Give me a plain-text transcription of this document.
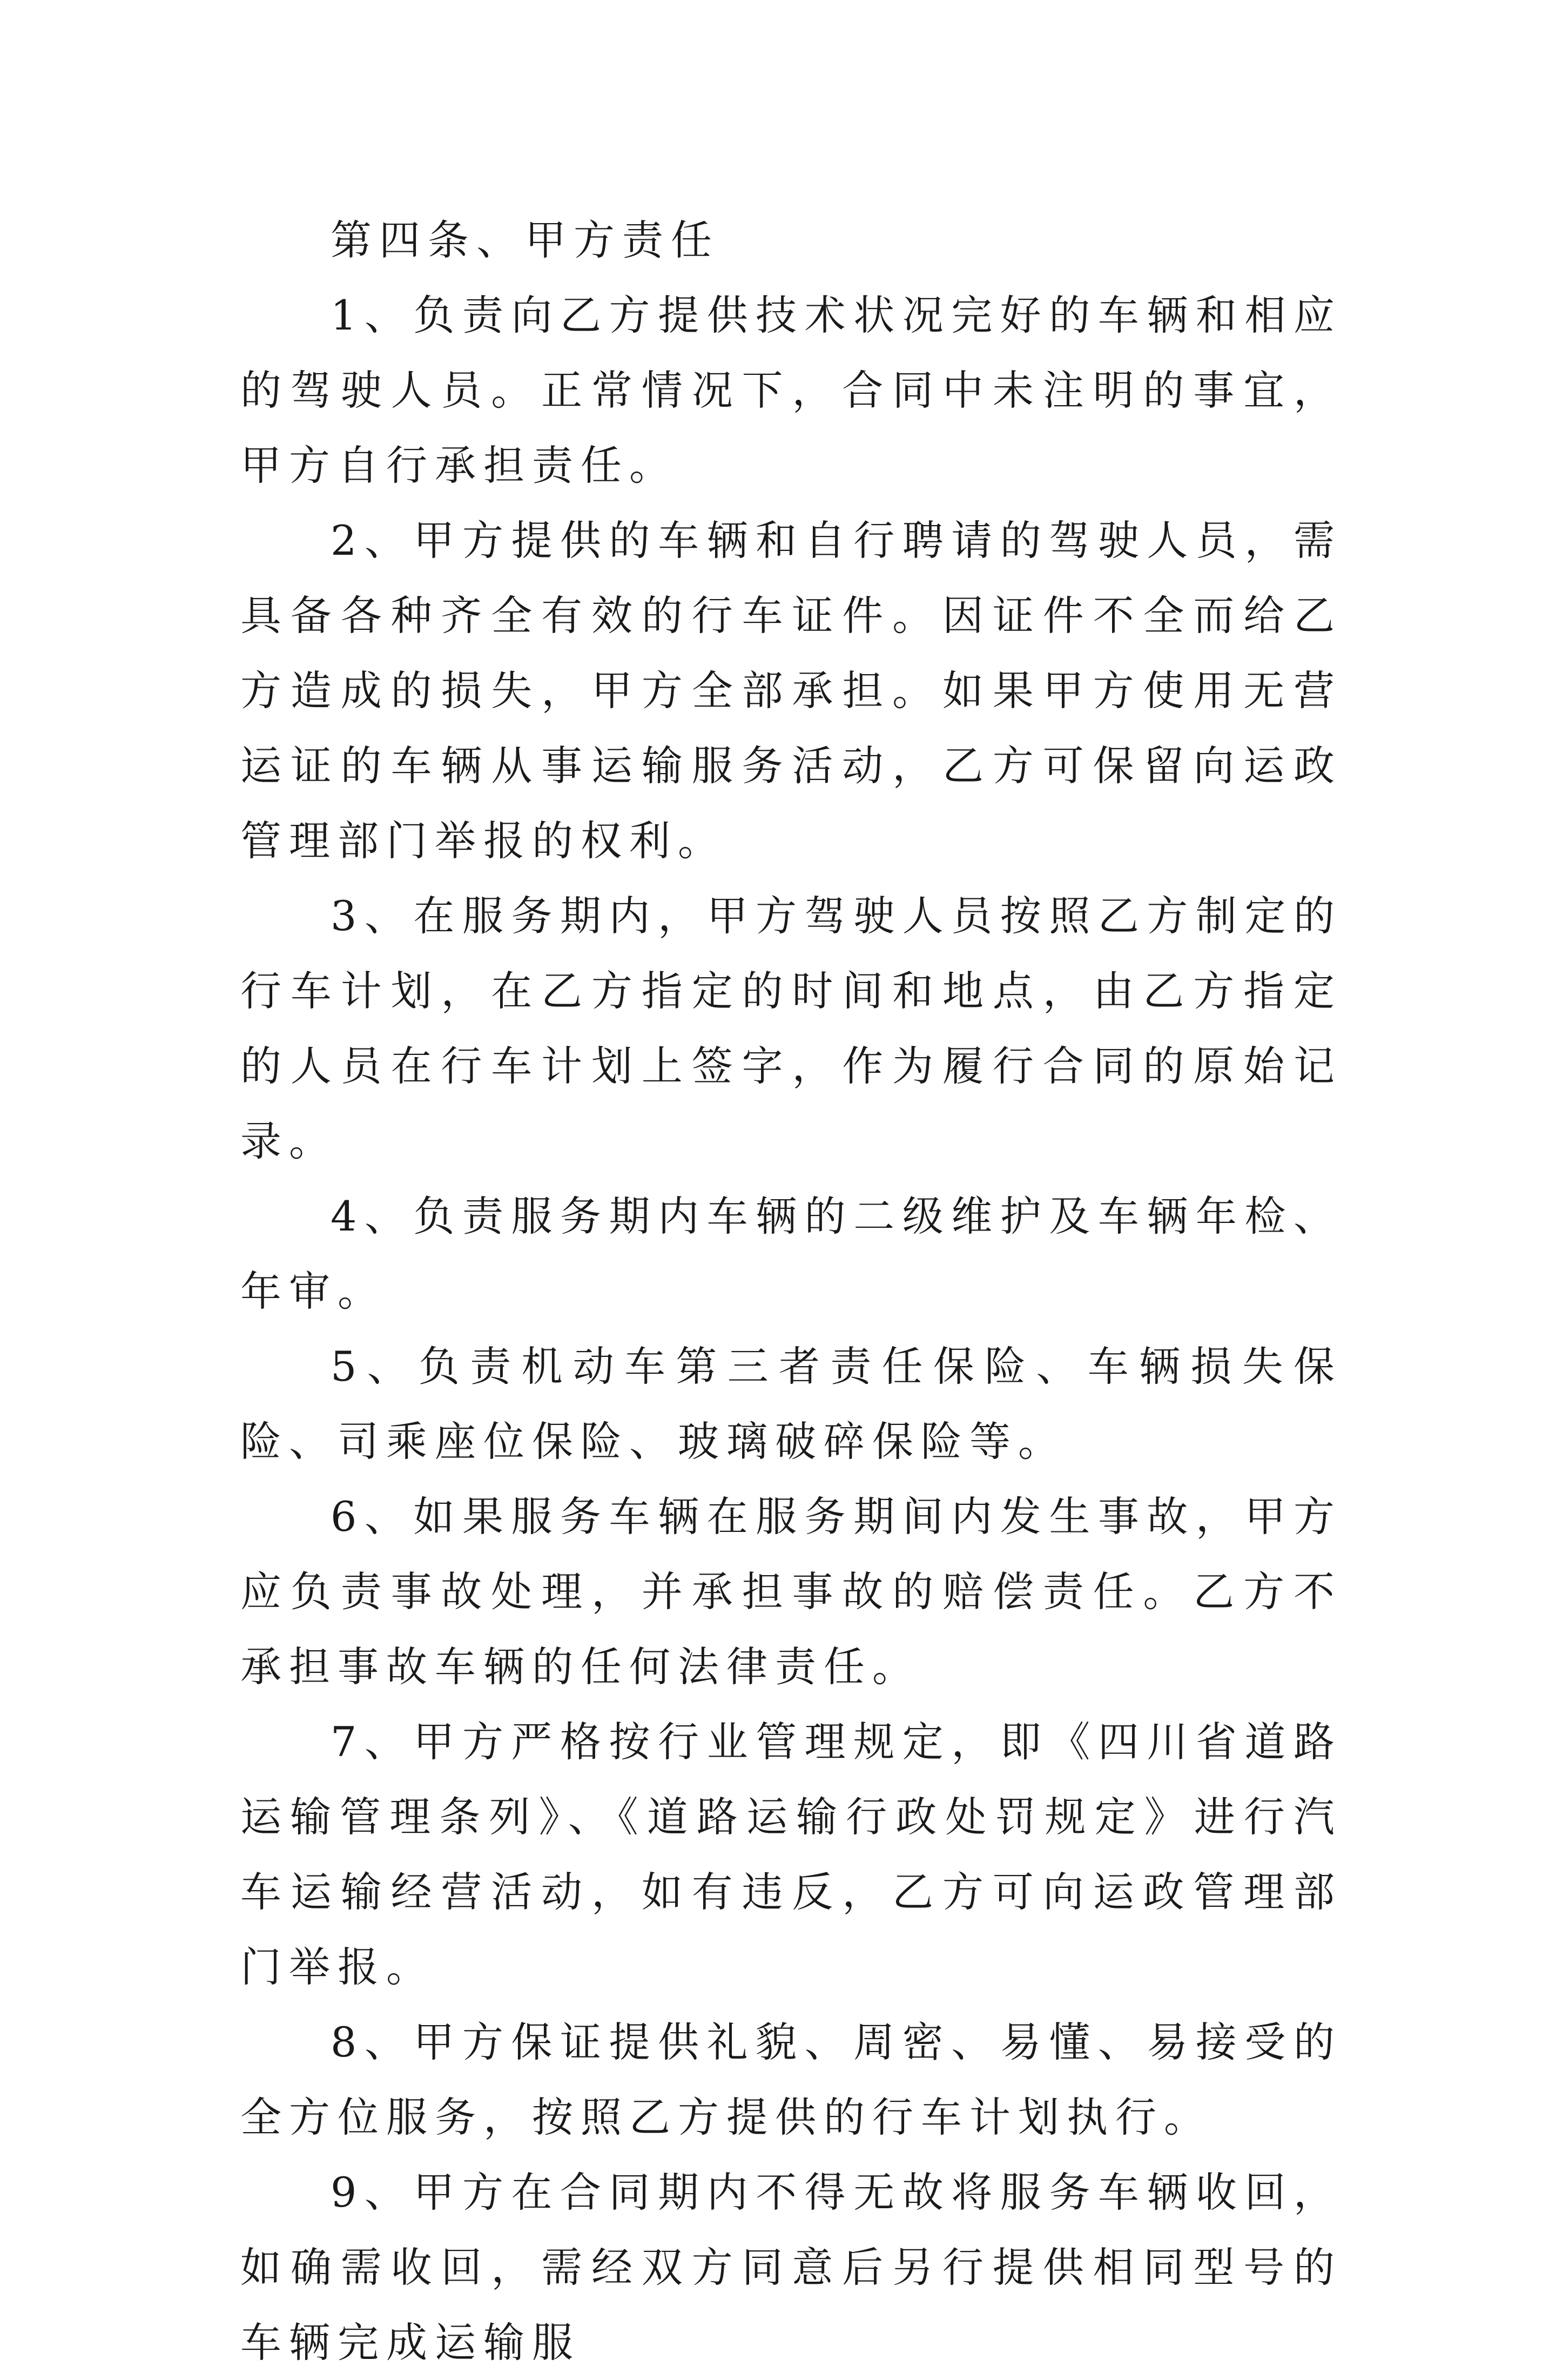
第四条、甲方责任

1、负责向乙方提供技术状况完好的车辆和相应的驾驶人员。正常情况下，合同中未注明的事宜，甲方自行承担责任。

2、甲方提供的车辆和自行聘请的驾驶人员，需具备各种齐全有效的行车证件。因证件不全而给乙方造成的损失，甲方全部承担。如果甲方使用无营运证的车辆从事运输服务活动，乙方可保留向运政管理部门举报的权利。

3、在服务期内，甲方驾驶人员按照乙方制定的行车计划，在乙方指定的时间和地点，由乙方指定的人员在行车计划上签字，作为履行合同的原始记录。

4、负责服务期内车辆的二级维护及车辆年检、年审。

5、负责机动车第三者责任保险、车辆损失保险、司乘座位保险、玻璃破碎保险等。

6、如果服务车辆在服务期间内发生事故，甲方应负责事故处理，并承担事故的赔偿责任。乙方不承担事故车辆的任何法律责任。

7、甲方严格按行业管理规定，即《四川省道路运输管理条列》、《道路运输行政处罚规定》进行汽车运输经营活动，如有违反，乙方可向运政管理部门举报。

8、甲方保证提供礼貌、周密、易懂、易接受的全方位服务，按照乙方提供的行车计划执行。

9、甲方在合同期内不得无故将服务车辆收回，如确需收回，需经双方同意后另行提供相同型号的车辆完成运输服
